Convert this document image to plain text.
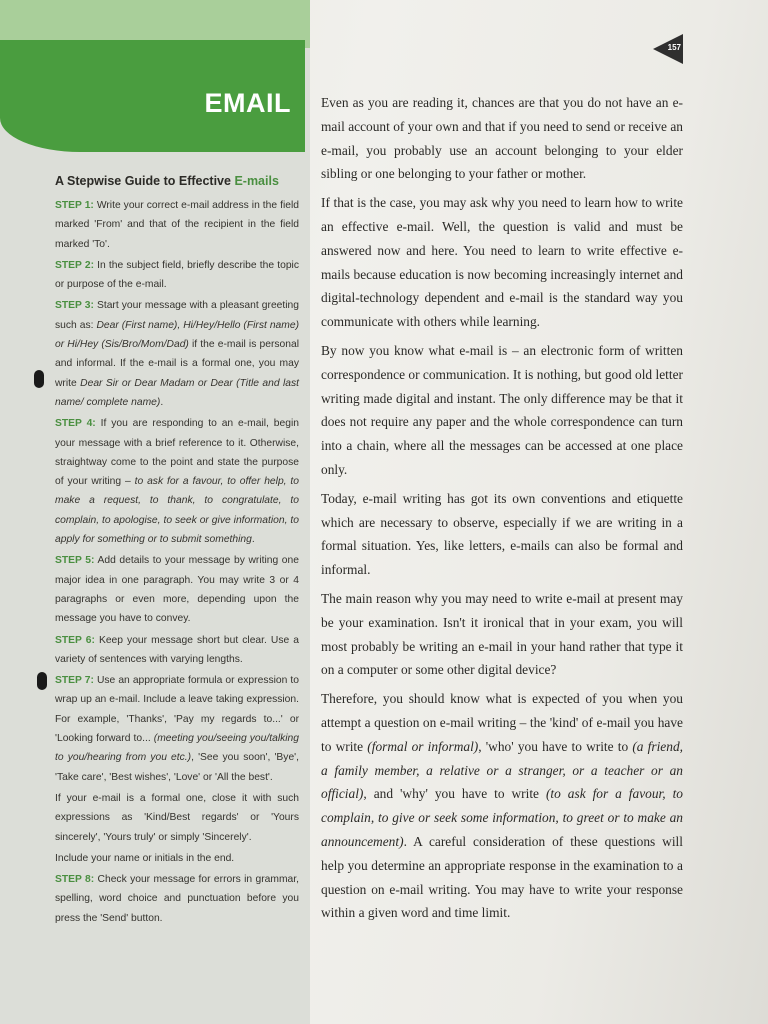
EMAIL
157
A Stepwise Guide to Effective E-mails

STEP 1: Write your correct e-mail address in the field marked 'From' and that of the recipient in the field marked 'To'.

STEP 2: In the subject field, briefly describe the topic or purpose of the e-mail.

STEP 3: Start your message with a pleasant greeting such as: Dear (First name), Hi/Hey/Hello (First name) or Hi/Hey (Sis/Bro/Mom/Dad) if the e-mail is personal and informal. If the e-mail is a formal one, you may write Dear Sir or Dear Madam or Dear (Title and last name/ complete name).

STEP 4: If you are responding to an e-mail, begin your message with a brief reference to it. Otherwise, straightway come to the point and state the purpose of your writing – to ask for a favour, to offer help, to make a request, to thank, to congratulate, to complain, to apologise, to seek or give information, to apply for something or to submit something.

STEP 5: Add details to your message by writing one major idea in one paragraph. You may write 3 or 4 paragraphs or even more, depending upon the message you have to convey.

STEP 6: Keep your message short but clear. Use a variety of sentences with varying lengths.

STEP 7: Use an appropriate formula or expression to wrap up an e-mail. Include a leave taking expression. For example, 'Thanks', 'Pay my regards to...' or 'Looking forward to... (meeting you/seeing you/talking to you/hearing from you etc.), 'See you soon', 'Bye', 'Take care', 'Best wishes', 'Love' or 'All the best'.

If your e-mail is a formal one, close it with such expressions as 'Kind/Best regards' or 'Yours sincerely', 'Yours truly' or simply 'Sincerely'.

Include your name or initials in the end.

STEP 8: Check your message for errors in grammar, spelling, word choice and punctuation before you press the 'Send' button.

Even as you are reading it, chances are that you do not have an e-mail account of your own and that if you need to send or receive an e-mail, you probably use an account belonging to your elder sibling or one belonging to your father or mother.

If that is the case, you may ask why you need to learn how to write an effective e-mail. Well, the question is valid and must be answered now and here. You need to learn to write effective e-mails because education is now becoming increasingly internet and digital-technology dependent and e-mail is the standard way you communicate with others while learning.

By now you know what e-mail is – an electronic form of written correspondence or communication. It is nothing, but good old letter writing made digital and instant. The only difference may be that it does not require any paper and the whole correspondence can turn into a chain, where all the messages can be accessed at one place only.

Today, e-mail writing has got its own conventions and etiquette which are necessary to observe, especially if we are writing in a formal situation. Yes, like letters, e-mails can also be formal and informal.

The main reason why you may need to write e-mail at present may be your examination. Isn't it ironical that in your exam, you will most probably be writing an e-mail in your hand rather that type it on a computer or some other digital device?

Therefore, you should know what is expected of you when you attempt a question on e-mail writing – the 'kind' of e-mail you have to write (formal or informal), 'who' you have to write to (a friend, a family member, a relative or a stranger, or a teacher or an official), and 'why' you have to write (to ask for a favour, to complain, to give or seek some information, to greet or to make an announcement). A careful consideration of these questions will help you determine an appropriate response in the examination to a question on e-mail writing. You may have to write your response within a given word and time limit.
